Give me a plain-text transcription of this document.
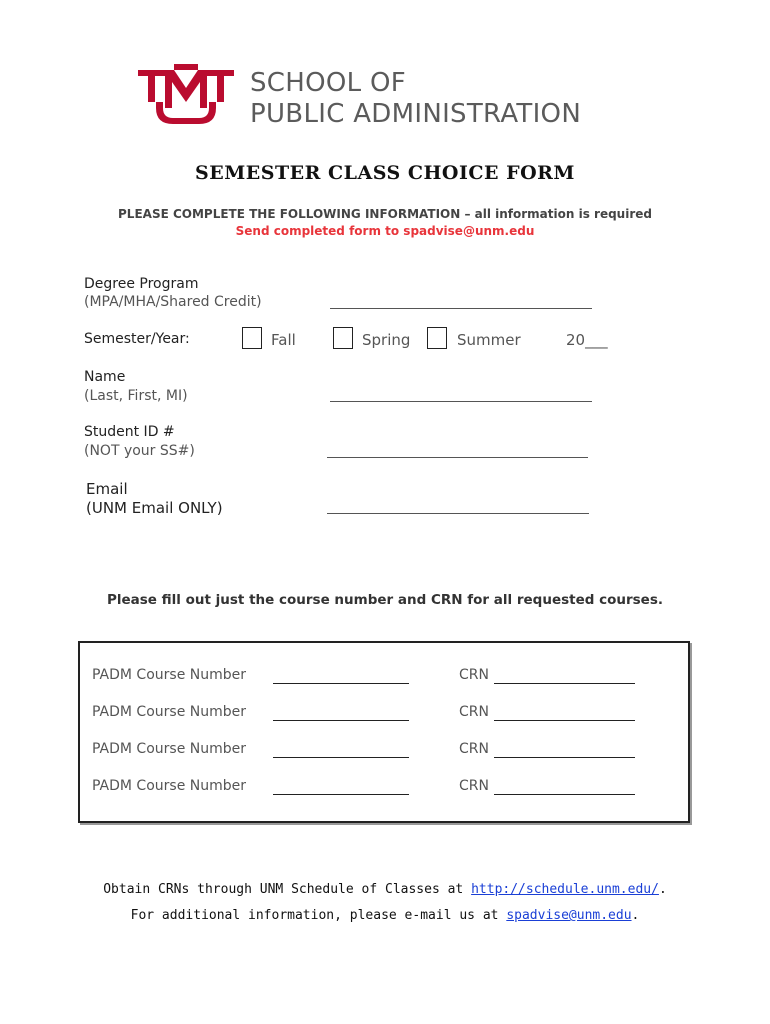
SCHOOL OF
PUBLIC ADMINISTRATION
SEMESTER CLASS CHOICE FORM
PLEASE COMPLETE THE FOLLOWING INFORMATION – all information is required
Send completed form to spadvise@unm.edu
Degree Program
(MPA/MHA/Shared Credit)
Semester/Year:	Fall	Spring	Summer	20___
Name
(Last, First, MI)
Student ID #
(NOT your SS#)
Email
(UNM Email ONLY)
Please fill out just the course number and CRN for all requested courses.
PADM Course Number	CRN
PADM Course Number	CRN
PADM Course Number	CRN
PADM Course Number	CRN
Obtain CRNs through UNM Schedule of Classes at http://schedule.unm.edu/.
For additional information, please e-mail us at spadvise@unm.edu.
